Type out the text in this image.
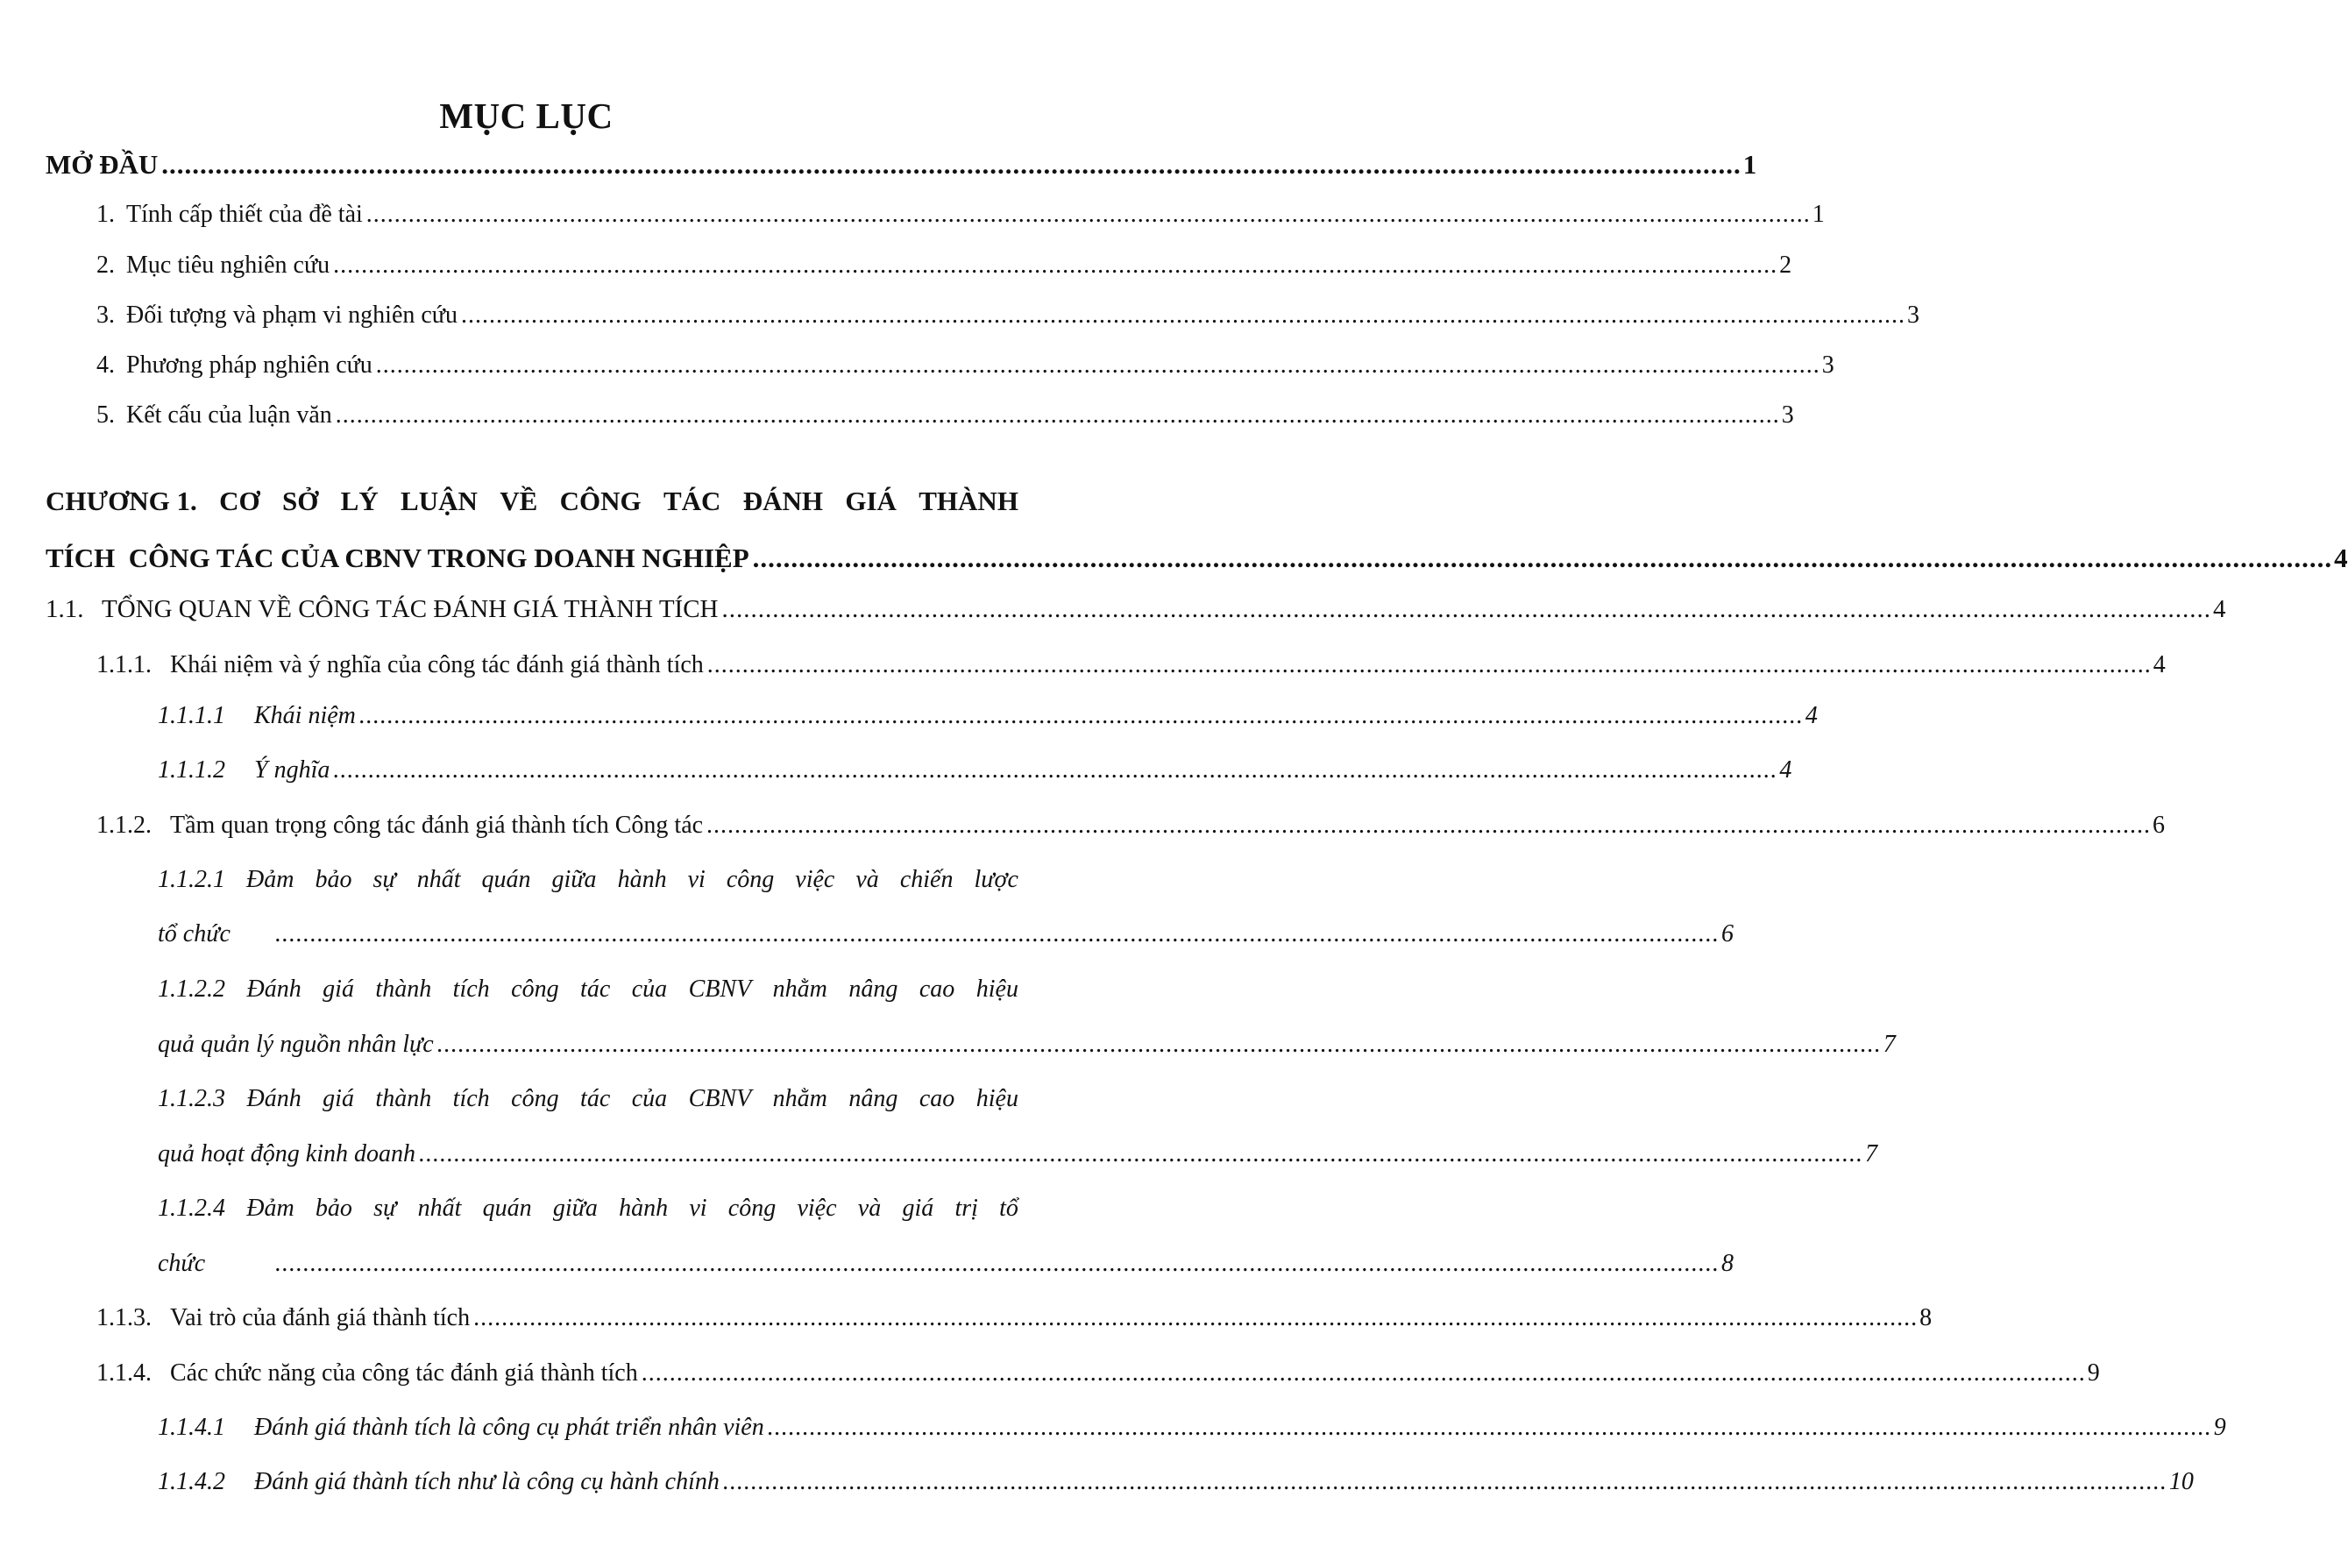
MỤC LỤC
MỞ ĐẦU .............................................................................................................................................................................................................. 1
1. Tính cấp thiết của đề tài .............................................................................................................................................................................................................. 1
2. Mục tiêu nghiên cứu .............................................................................................................................................................................................................. 2
3. Đối tượng và phạm vi nghiên cứu .............................................................................................................................................................................................................. 3
4. Phương pháp nghiên cứu .............................................................................................................................................................................................................. 3
5. Kết cấu của luận văn .............................................................................................................................................................................................................. 3
CHƯƠNG 1. CƠ SỞ LÝ LUẬN VỀ CÔNG TÁC ĐÁNH GIÁ THÀNH
TÍCH  CÔNG TÁC CỦA CBNV TRONG DOANH NGHIỆP .............................................................................................................................................................................................................. 4
1.1. TỔNG QUAN VỀ CÔNG TÁC ĐÁNH GIÁ THÀNH TÍCH .............................................................................................................................................................................................................. 4
1.1.1. Khái niệm và ý nghĩa của công tác đánh giá thành tích .............................................................................................................................................................................................................. 4
1.1.1.1	Khái niệm .............................................................................................................................................................................................................. 4
1.1.1.2	Ý nghĩa .............................................................................................................................................................................................................. 4
1.1.2. Tầm quan trọng công tác đánh giá thành tích Công tác .............................................................................................................................................................................................................. 6
1.1.2.1 Đảm bảo sự nhất quán giữa hành vi công việc và chiến lược
tổ chức	.............................................................................................................................................................................................................. 6
1.1.2.2 Đánh giá thành tích công tác của CBNV nhằm nâng cao hiệu
quả quản lý nguồn nhân lực .............................................................................................................................................................................................................. 7
1.1.2.3 Đánh giá thành tích công tác của CBNV nhằm nâng cao hiệu
quả hoạt động kinh doanh .............................................................................................................................................................................................................. 7
1.1.2.4 Đảm bảo sự nhất quán giữa hành vi công việc và giá trị tổ
chức	.............................................................................................................................................................................................................. 8
1.1.3. Vai trò của đánh giá thành tích .............................................................................................................................................................................................................. 8
1.1.4. Các chức năng của công tác đánh giá thành tích .............................................................................................................................................................................................................. 9
1.1.4.1	Đánh giá thành tích là công cụ phát triển nhân viên .............................................................................................................................................................................................................. 9
1.1.4.2	Đánh giá thành tích như là công cụ hành chính .............................................................................................................................................................................................................. 10
